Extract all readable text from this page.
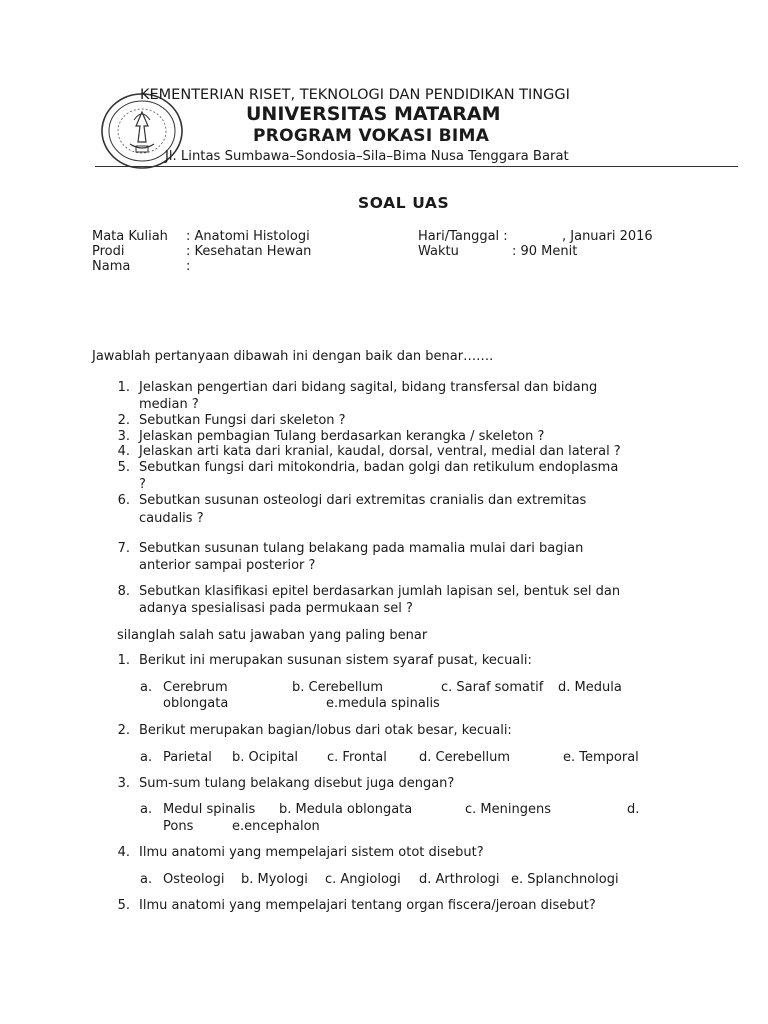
KEMENTERIAN RISET, TEKNOLOGI DAN PENDIDIKAN TINGGI
UNIVERSITAS MATARAM
PROGRAM VOKASI BIMA
Jl. Lintas Sumbawa–Sondosia–Sila–Bima Nusa Tenggara Barat
SOAL UAS
Mata Kuliah : Anatomi Histologi	Hari/Tanggal :	, Januari 2016
Prodi	: Kesehatan Hewan	Waktu	: 90 Menit
Nama	:
Jawablah pertanyaan dibawah ini dengan baik dan benar…….
1. Jelaskan pengertian dari bidang sagital, bidang transfersal dan bidang
median ?
2. Sebutkan Fungsi dari skeleton ?
3. Jelaskan pembagian Tulang berdasarkan kerangka / skeleton ?
4. Jelaskan arti kata dari kranial, kaudal, dorsal, ventral, medial dan lateral ?
5. Sebutkan fungsi dari mitokondria, badan golgi dan retikulum endoplasma
?
6. Sebutkan susunan osteologi dari extremitas cranialis dan extremitas
caudalis ?
7. Sebutkan susunan tulang belakang pada mamalia mulai dari bagian
anterior sampai posterior ?
8. Sebutkan klasifikasi epitel berdasarkan jumlah lapisan sel, bentuk sel dan
adanya spesialisasi pada permukaan sel ?
silanglah salah satu jawaban yang paling benar
1. Berikut ini merupakan susunan sistem syaraf pusat, kecuali:
a. Cerebrum	b. Cerebellum	c. Saraf somatif d. Medula
oblongata	e.medula spinalis
2. Berikut merupakan bagian/lobus dari otak besar, kecuali:
a. Parietal b. Ocipital c. Frontal d. Cerebellum	e. Temporal
3. Sum-sum tulang belakang disebut juga dengan?
a. Medul spinalis b. Medula oblongata	c. Meningens	d.
Pons	e.encephalon
4. Ilmu anatomi yang mempelajari sistem otot disebut?
a. Osteologi b. Myologi c. Angiologi d. Arthrologi e. Splanchnologi
5. Ilmu anatomi yang mempelajari tentang organ fiscera/jeroan disebut?
